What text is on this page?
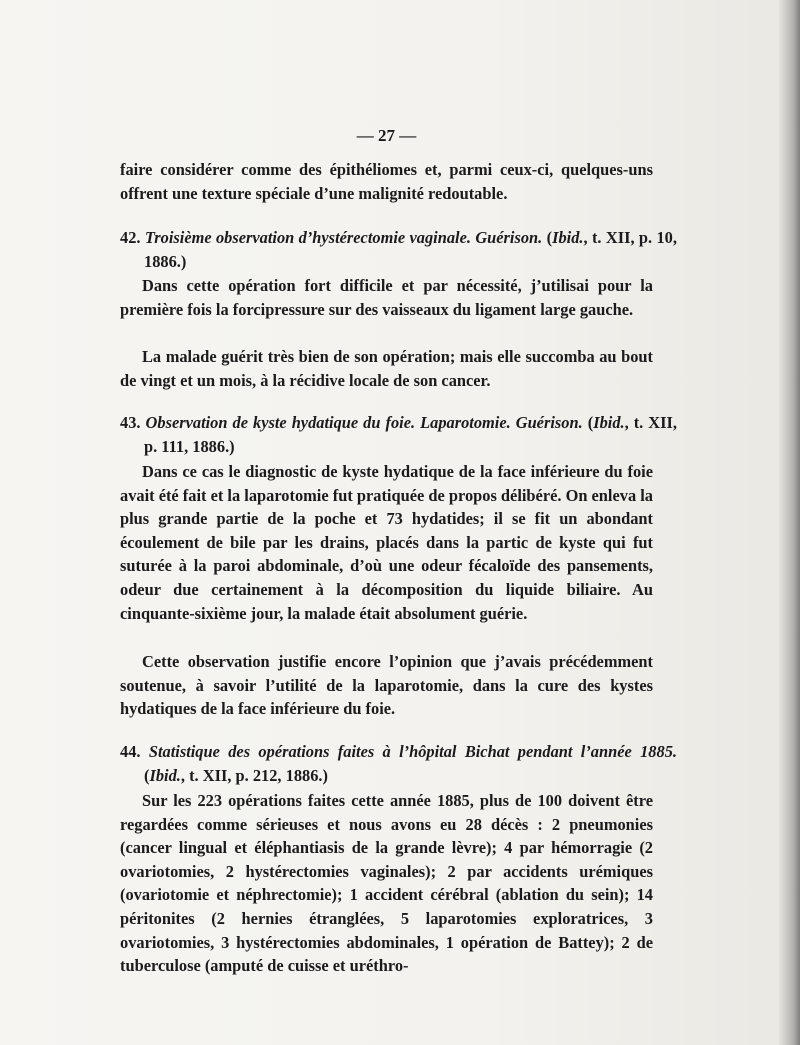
— 27 —

faire considérer comme des épithéliomes et, parmi ceux-ci, quelques-uns offrent une texture spéciale d’une malignité redoutable.

42. Troisième observation d’hystérectomie vaginale. Guérison. (Ibid., t. XII, p. 10, 1886.)

Dans cette opération fort difficile et par nécessité, j’utilisai pour la première fois la forcipressure sur des vaisseaux du ligament large gauche.

La malade guérit très bien de son opération; mais elle succomba au bout de vingt et un mois, à la récidive locale de son cancer.

43. Observation de kyste hydatique du foie. Laparotomie. Guérison. (Ibid., t. XII, p. 111, 1886.)

Dans ce cas le diagnostic de kyste hydatique de la face inférieure du foie avait été fait et la laparotomie fut pratiquée de propos délibéré. On enleva la plus grande partie de la poche et 73 hydatides; il se fit un abondant écoulement de bile par les drains, placés dans la partic de kyste qui fut suturée à la paroi abdominale, d’où une odeur fécaloïde des pansements, odeur due certainement à la décomposition du liquide biliaire. Au cinquante-sixième jour, la malade était absolument guérie.

Cette observation justifie encore l’opinion que j’avais précédemment soutenue, à savoir l’utilité de la laparotomie, dans la cure des kystes hydatiques de la face inférieure du foie.

44. Statistique des opérations faites à l’hôpital Bichat pendant l’année 1885. (Ibid., t. XII, p. 212, 1886.)

Sur les 223 opérations faites cette année 1885, plus de 100 doivent être regardées comme sérieuses et nous avons eu 28 décès : 2 pneumonies (cancer lingual et éléphantiasis de la grande lèvre); 4 par hémorragie (2 ovariotomies, 2 hystérectomies vaginales); 2 par accidents urémiques (ovariotomie et néphrectomie); 1 accident cérébral (ablation du sein); 14 péritonites (2 hernies étranglées, 5 laparotomies exploratrices, 3 ovariotomies, 3 hystérectomies abdominales, 1 opération de Battey); 2 de tuberculose (amputé de cuisse et uréthro-
